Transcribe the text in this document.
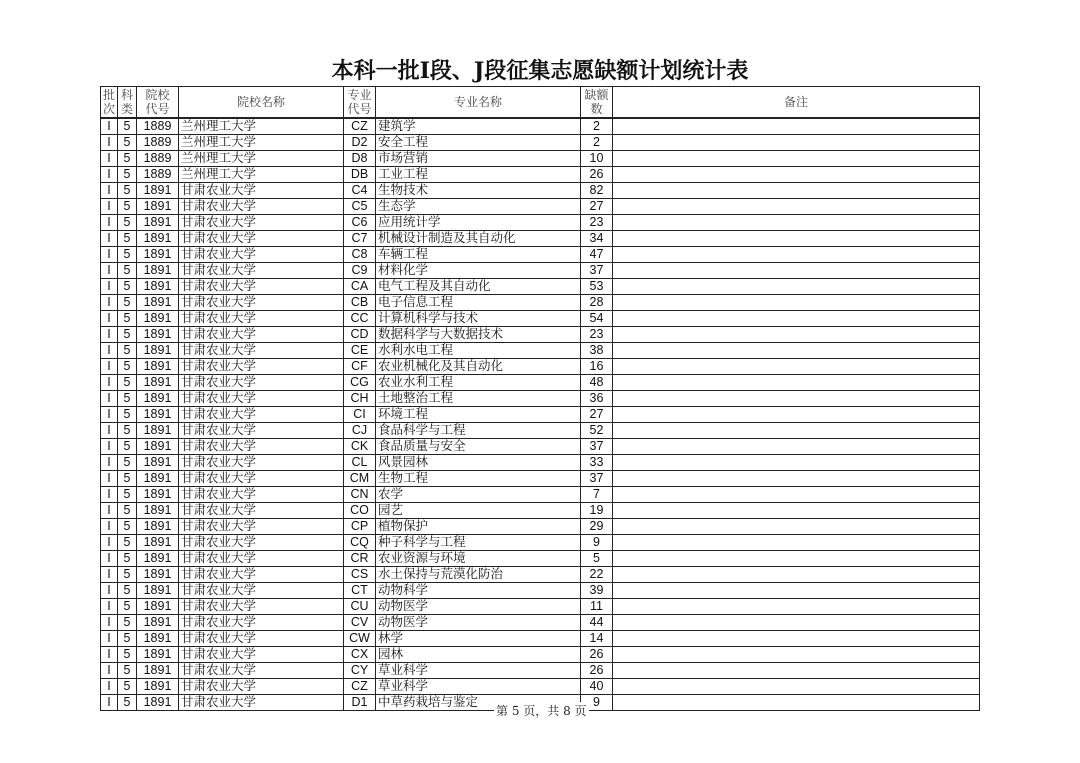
本科一批I段、J段征集志愿缺额计划统计表
批次	科类	院校代号	院校名称	专业代号	专业名称	缺额数	备注
I	5	1889	兰州理工大学	CZ	建筑学	2	
I	5	1889	兰州理工大学	D2	安全工程	2	
I	5	1889	兰州理工大学	D8	市场营销	10	
I	5	1889	兰州理工大学	DB	工业工程	26	
I	5	1891	甘肃农业大学	C4	生物技术	82	
I	5	1891	甘肃农业大学	C5	生态学	27	
I	5	1891	甘肃农业大学	C6	应用统计学	23	
I	5	1891	甘肃农业大学	C7	机械设计制造及其自动化	34	
I	5	1891	甘肃农业大学	C8	车辆工程	47	
I	5	1891	甘肃农业大学	C9	材料化学	37	
I	5	1891	甘肃农业大学	CA	电气工程及其自动化	53	
I	5	1891	甘肃农业大学	CB	电子信息工程	28	
I	5	1891	甘肃农业大学	CC	计算机科学与技术	54	
I	5	1891	甘肃农业大学	CD	数据科学与大数据技术	23	
I	5	1891	甘肃农业大学	CE	水利水电工程	38	
I	5	1891	甘肃农业大学	CF	农业机械化及其自动化	16	
I	5	1891	甘肃农业大学	CG	农业水利工程	48	
I	5	1891	甘肃农业大学	CH	土地整治工程	36	
I	5	1891	甘肃农业大学	CI	环境工程	27	
I	5	1891	甘肃农业大学	CJ	食品科学与工程	52	
I	5	1891	甘肃农业大学	CK	食品质量与安全	37	
I	5	1891	甘肃农业大学	CL	风景园林	33	
I	5	1891	甘肃农业大学	CM	生物工程	37	
I	5	1891	甘肃农业大学	CN	农学	7	
I	5	1891	甘肃农业大学	CO	园艺	19	
I	5	1891	甘肃农业大学	CP	植物保护	29	
I	5	1891	甘肃农业大学	CQ	种子科学与工程	9	
I	5	1891	甘肃农业大学	CR	农业资源与环境	5	
I	5	1891	甘肃农业大学	CS	水土保持与荒漠化防治	22	
I	5	1891	甘肃农业大学	CT	动物科学	39	
I	5	1891	甘肃农业大学	CU	动物医学	11	
I	5	1891	甘肃农业大学	CV	动物医学	44	
I	5	1891	甘肃农业大学	CW	林学	14	
I	5	1891	甘肃农业大学	CX	园林	26	
I	5	1891	甘肃农业大学	CY	草业科学	26	
I	5	1891	甘肃农业大学	CZ	草业科学	40	
I	5	1891	甘肃农业大学	D1	中草药栽培与鉴定	9	
第 5 页，共 8 页
